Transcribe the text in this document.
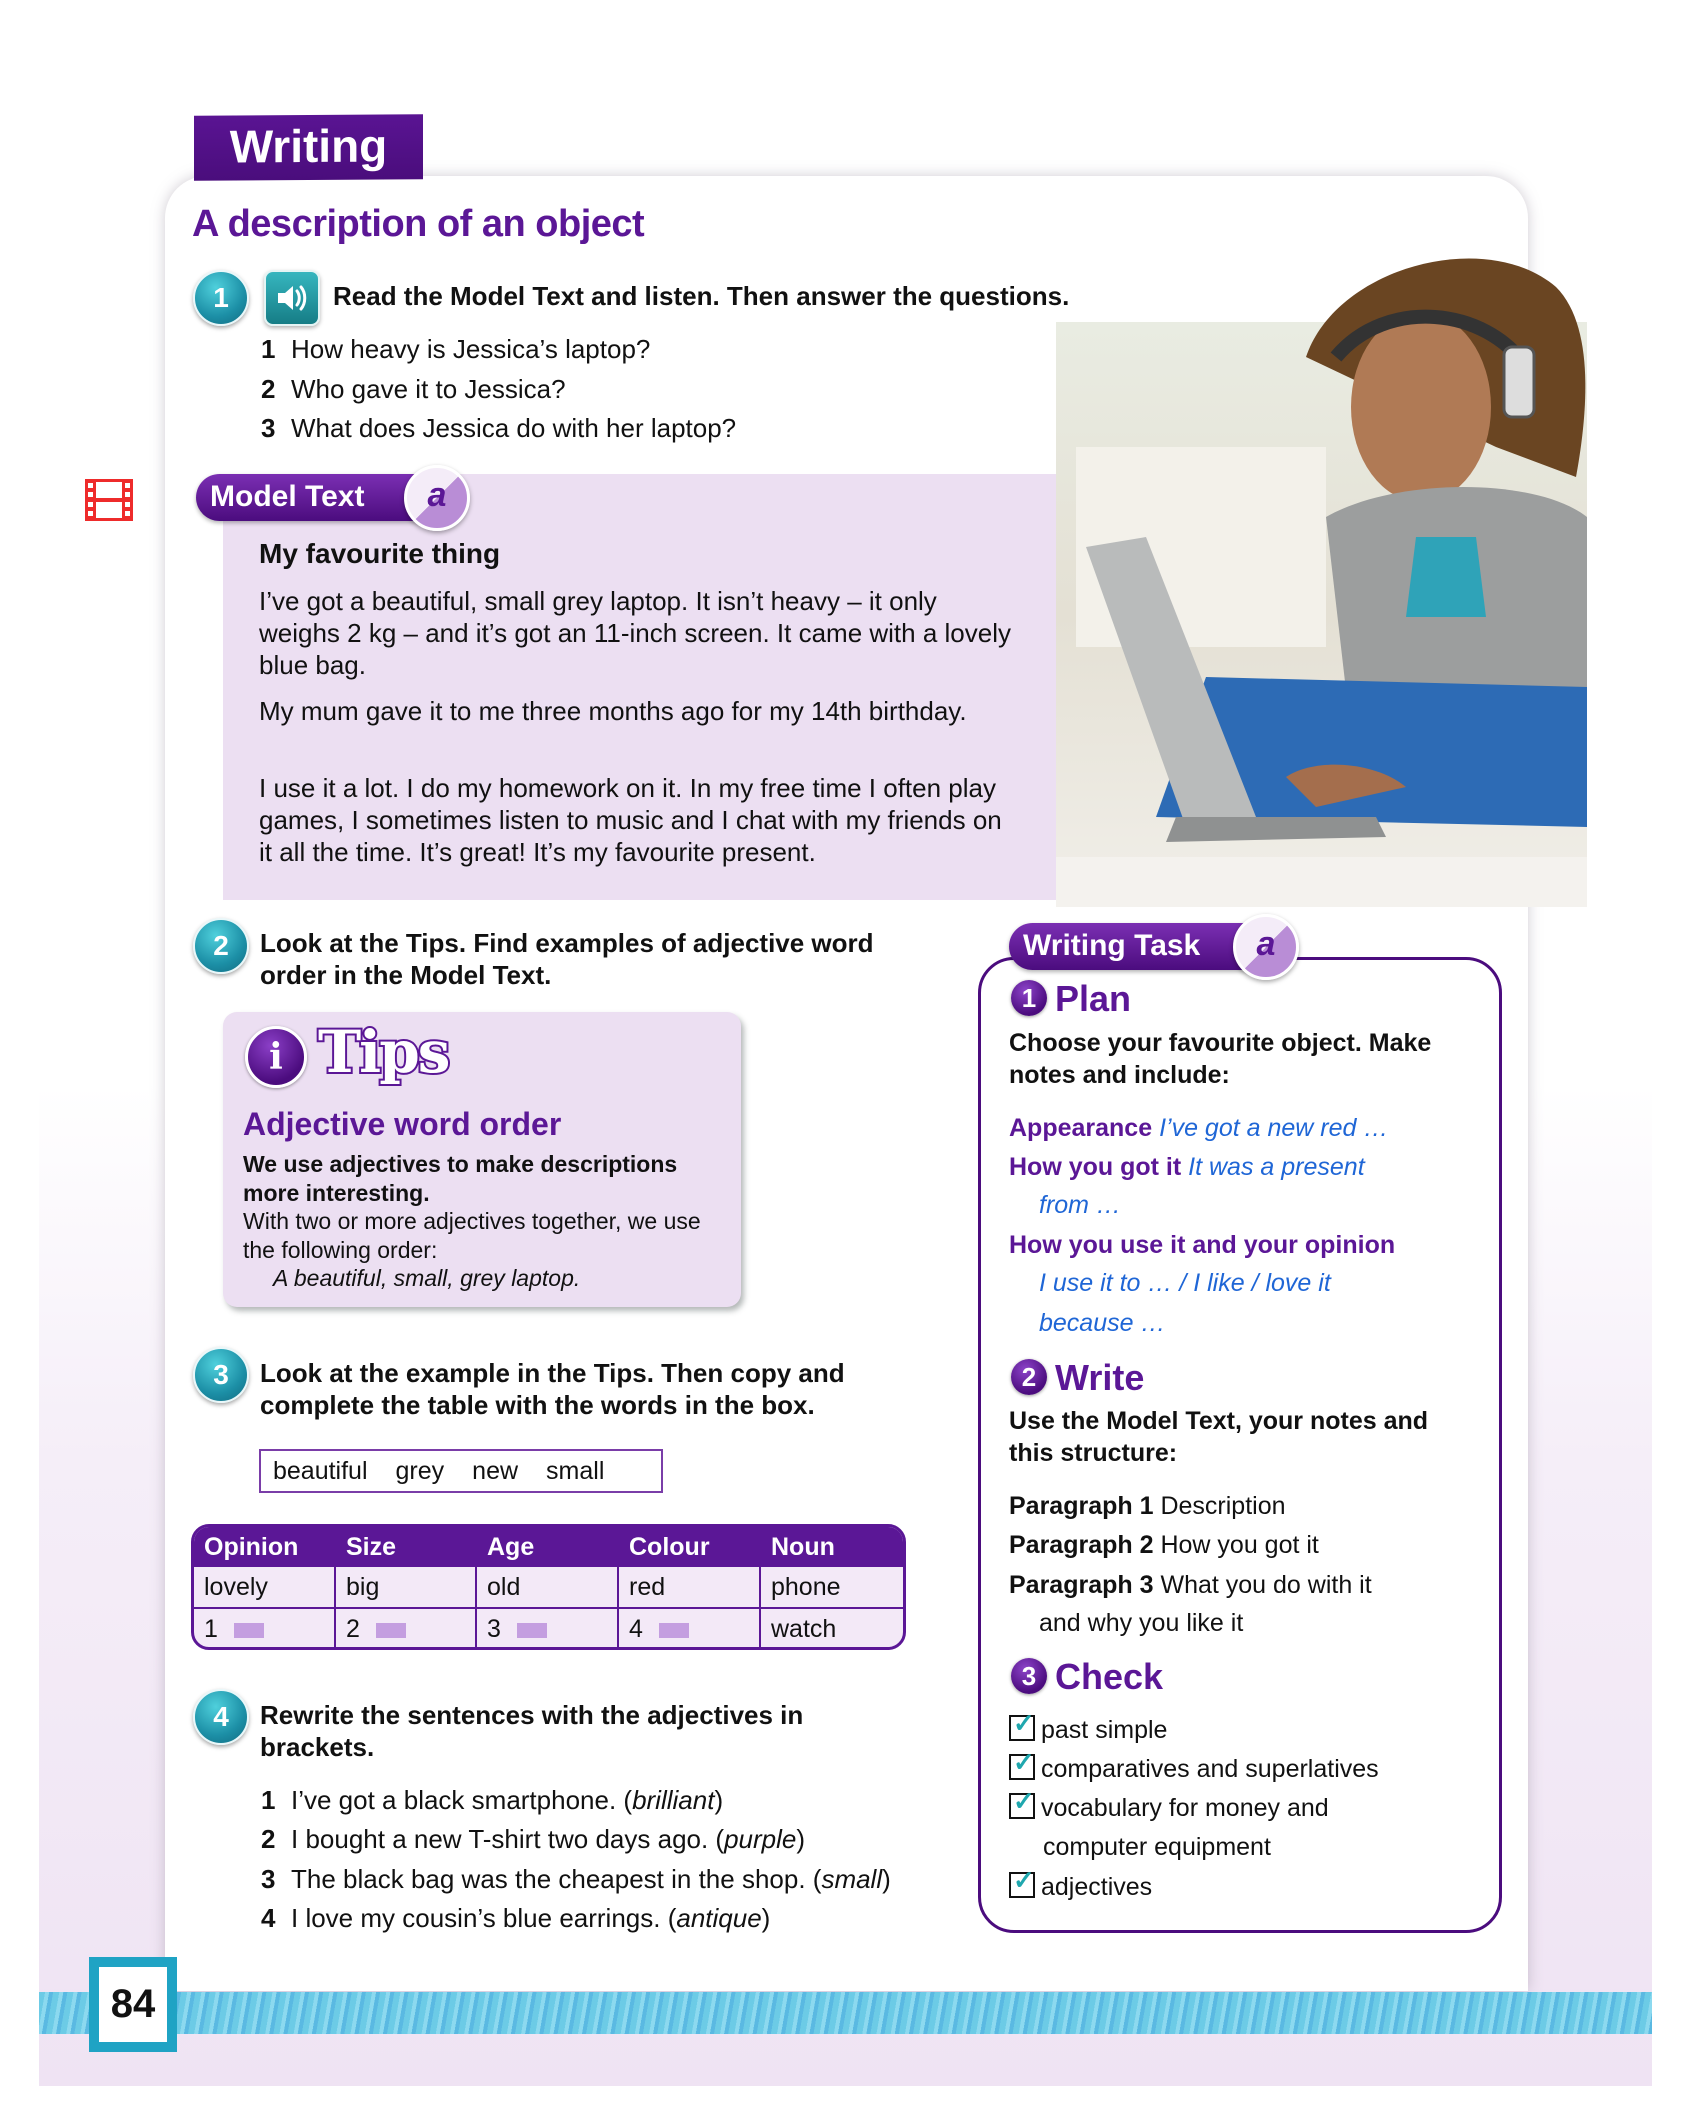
Writing
A description of an object
1	Read the Model Text and listen. Then answer the questions.
1 How heavy is Jessica’s laptop?
2 Who gave it to Jessica?
3 What does Jessica do with her laptop?
Model Text	a
My favourite thing
I’ve got a beautiful, small grey laptop. It isn’t heavy – it only weighs 2 kg – and it’s got an 11-inch screen. It came with a lovely blue bag.
My mum gave it to me three months ago for my 14th birthday.
I use it a lot. I do my homework on it. In my free time I often play games, I sometimes listen to music and I chat with my friends on it all the time. It’s great! It’s my favourite present.
2	Look at the Tips. Find examples of adjective word
order in the Model Text.
i Tips
Adjective word order
We use adjectives to make descriptions more interesting.
With two or more adjectives together, we use the following order:
A beautiful, small, grey laptop.
3	Look at the example in the Tips. Then copy and
complete the table with the words in the box.
beautiful grey new small
Opinion	Size	Age	Colour	Noun
lovely	big	old	red	phone
1	2	3	4	watch
4	Rewrite the sentences with the adjectives in
brackets.
1 I’ve got a black smartphone. (brilliant)
2 I bought a new T-shirt two days ago. (purple)
3 The black bag was the cheapest in the shop. (small)
4 I love my cousin’s blue earrings. (antique)
Writing Task	a
1 Plan
Choose your favourite object. Make
notes and include:
Appearance I’ve got a new red …
How you got it It was a present
from …
How you use it and your opinion
I use it to … / I like / love it
because …
2 Write
Use the Model Text, your notes and
this structure:
Paragraph 1 Description
Paragraph 2 How you got it
Paragraph 3 What you do with it
and why you like it
3 Check
✓past simple
✓comparatives and superlatives
✓vocabulary for money and
computer equipment
✓adjectives
84
